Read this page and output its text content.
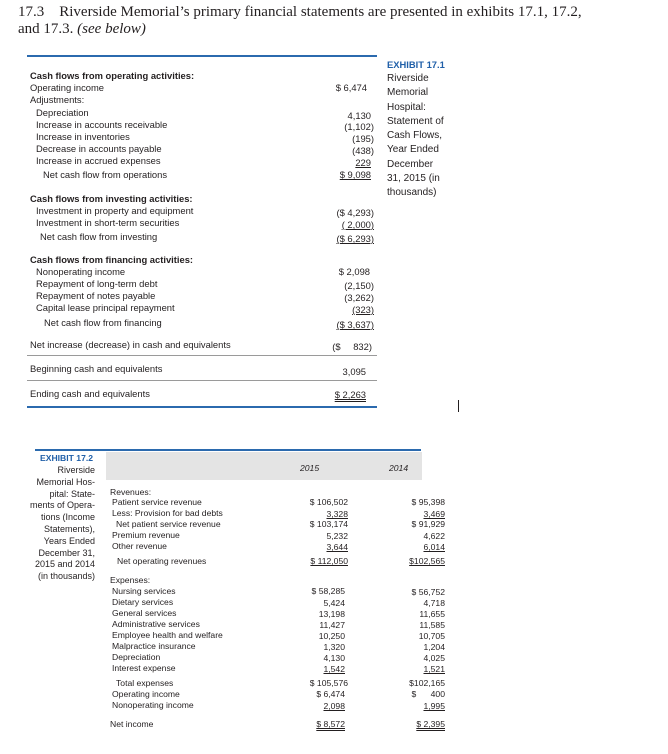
17.3 Riverside Memorial’s primary financial statements are presented in exhibits 17.1, 17.2,
and 17.3. (see below)
EXHIBIT 17.1
Riverside
Memorial
Hospital:
Statement of
Cash Flows,
Year Ended
December
31, 2015 (in
thousands)
Cash flows from operating activities:
Operating income	$ 6,474
Adjustments:
Depreciation	4,130
Increase in accounts receivable	(1,102)
Increase in inventories	(195)
Decrease in accounts payable	(438)
Increase in accrued expenses	229
Net cash flow from operations	$ 9,098
Cash flows from investing activities:
Investment in property and equipment	($ 4,293)
Investment in short-term securities	( 2,000)
Net cash flow from investing	($ 6,293)
Cash flows from financing activities:
Nonoperating income	$ 2,098
Repayment of long-term debt	(2,150)
Repayment of notes payable	(3,262)
Capital lease principal repayment	(323)
Net cash flow from financing	($ 3,637)
Net increase (decrease) in cash and equivalents	($ 832)
Beginning cash and equivalents	3,095
Ending cash and equivalents	$ 2,263
EXHIBIT 17.2
Riverside
Memorial Hos-
pital: State-
ments of Opera-
tions (Income
Statements),
Years Ended
December 31,
2015 and 2014
(in thousands)
2015	2014
Revenues:
Patient service revenue	$ 106,502	$ 95,398
Less: Provision for bad debts	3,328	3,469
Net patient service revenue	$ 103,174	$ 91,929
Premium revenue	5,232	4,622
Other revenue	3,644	6,014
Net operating revenues	$ 112,050	$102,565
Expenses:
Nursing services	$ 58,285	$ 56,752
Dietary services	5,424	4,718
General services	13,198	11,655
Administrative services	11,427	11,585
Employee health and welfare	10,250	10,705
Malpractice insurance	1,320	1,204
Depreciation	4,130	4,025
Interest expense	1,542	1,521
Total expenses	$ 105,576	$102,165
Operating income	$ 6,474	$ 400
Nonoperating income	2,098	1,995
Net income	$ 8,572	$ 2,395
